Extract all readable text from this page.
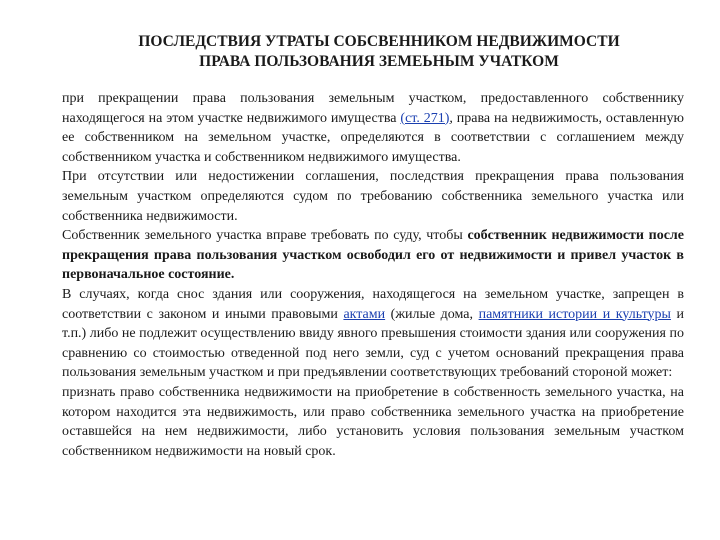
ПОСЛЕДСТВИЯ УТРАТЫ СОБСВЕННИКОМ НЕДВИЖИМОСТИ
ПРАВА ПОЛЬЗОВАНИЯ ЗЕМЕЬНЫМ УЧАТКОМ

при прекращении права пользования земельным участком, предоставленного собственнику находящегося на этом участке недвижимого имущества (ст. 271), права на недвижимость, оставленную ее собственником на земельном участке, определяются в соответствии с соглашением между собственником участка и собственником недвижимого имущества.

При отсутствии или недостижении соглашения, последствия прекращения права пользования земельным участком определяются судом по требованию собственника земельного участка или собственника недвижимости.

Собственник земельного участка вправе требовать по суду, чтобы собственник недвижимости после прекращения права пользования участком освободил его от недвижимости и привел участок в первоначальное состояние.

В случаях, когда снос здания или сооружения, находящегося на земельном участке, запрещен в соответствии с законом и иными правовыми актами (жилые дома, памятники истории и культуры и т.п.) либо не подлежит осуществлению ввиду явного превышения стоимости здания или сооружения по сравнению со стоимостью отведенной под него земли, суд с учетом оснований прекращения права пользования земельным участком и при предъявлении соответствующих требований стороной может:

признать право собственника недвижимости на приобретение в собственность земельного участка, на котором находится эта недвижимость, или право собственника земельного участка на приобретение оставшейся на нем недвижимости, либо установить условия пользования земельным участком собственником недвижимости на новый срок.
